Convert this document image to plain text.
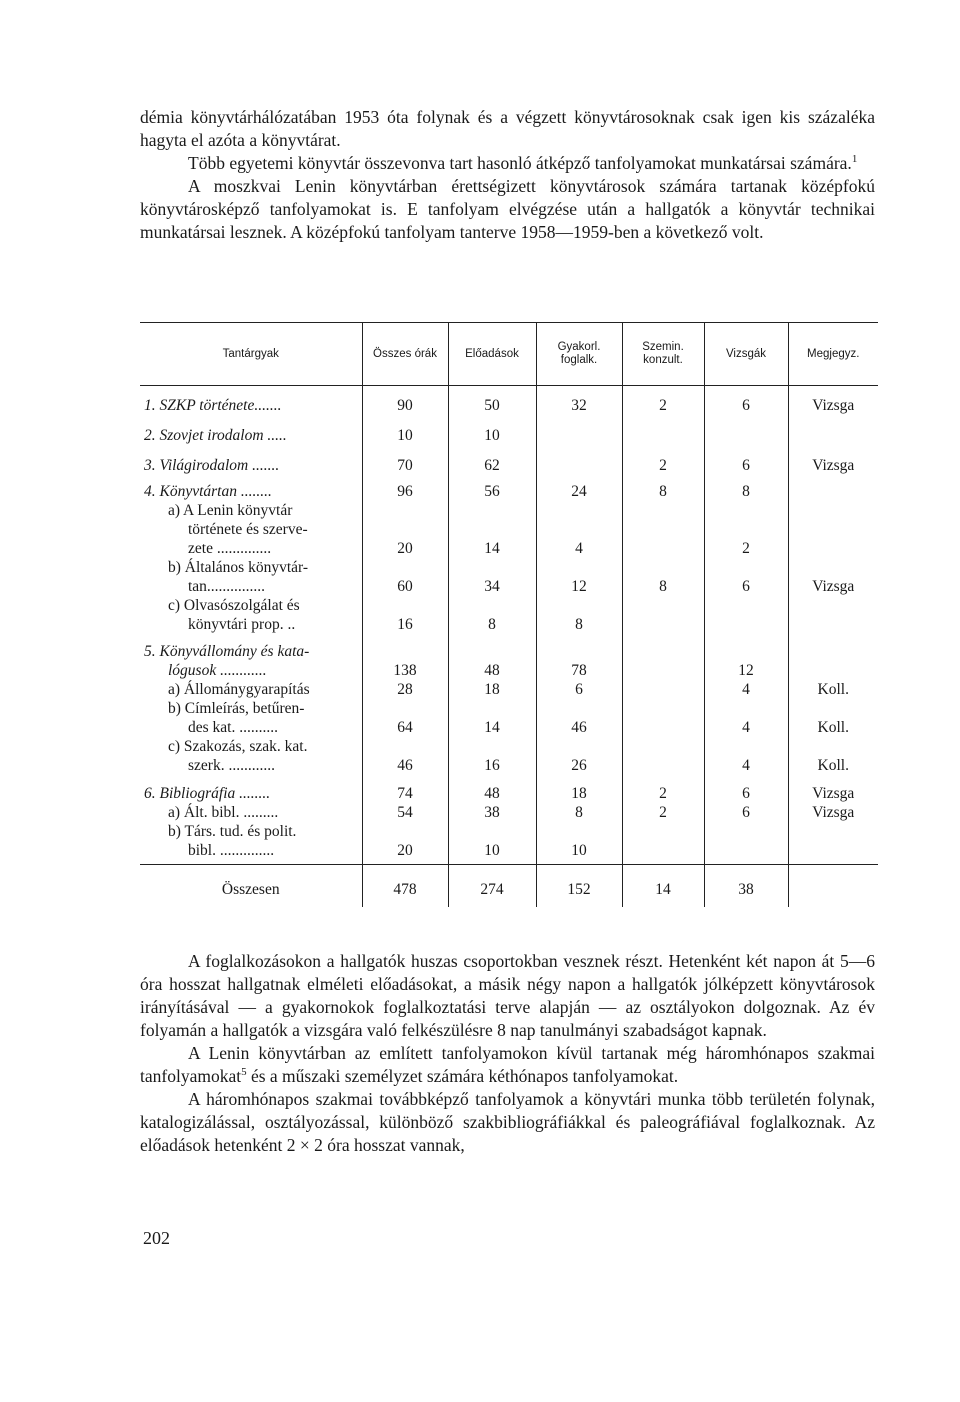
démia könyvtárhálózatában 1953 óta folynak és a végzett könyvtárosoknak csak igen kis százaléka hagyta el azóta a könyvtárat.
Több egyetemi könyvtár összevonva tart hasonló átképző tanfolyamokat munkatársai számára.$^1$
A moszkvai Lenin könyvtárban érettségizett könyvtárosok számára tartanak középfokú könyvtárosképző tanfolyamokat is. E tanfolyam elvégzése után a hallgatók a könyvtár technikai munkatársai lesznek. A középfokú tanfolyam tanterve 1958—1959-ben a következő volt.

Tantárgyak	Összes órák	Előadások	Gyakorl. foglalk.	Szemin. konzult.	Vizsgák	Megjegyz.
1. SZKP története.......	90	50	32	2	6	Vizsga
2. Szovjet irodalom .....	10	10				
3. Világirodalom .......	70	62		2	6	Vizsga
4. Könyvtártan ........	96	56	24	8	8	

a) A Lenin könyvtár
története és szerve-
zete ..............	20	14	4		2	

b) Általános könyvtár-
tan...............	60	34	12	8	6	Vizsga

c) Olvasószolgálat és
könyvtári prop. ..	16	8	8			

5. Könyvállomány és kata-
lógusok ............	138	48	78		12	

a) Állománygyarapítás	28	18	6		4	Koll.

b) Címleírás, betűren-
des kat. ..........	64	14	46		4	Koll.

c) Szakozás, szak. kat.
szerk. ............	46	16	26		4	Koll.
6. Bibliográfia ........	74	48	18	2	6	Vizsga

a) Ált. bibl. .........	54	38	8	2	6	Vizsga

b) Társ. tud. és polit.
bibl. ..............	20	10	10			
Összesen	478	274	152	14	38	

A foglalkozásokon a hallgatók huszas csoportokban vesznek részt. Hetenként két napon át 5—6 óra hosszat hallgatnak elméleti előadásokat, a másik négy napon a hallgatók jólképzett könyvtárosok irányításával — a gyakornokok foglalkoztatási terve alapján — az osztályokon dolgoznak. Az év folyamán a hallgatók a vizsgára való felkészülésre 8 nap tanulmányi szabadságot kapnak.
A Lenin könyvtárban az említett tanfolyamokon kívül tartanak még háromhónapos szakmai tanfolyamokat$^5$ és a műszaki személyzet számára kéthónapos tanfolyamokat.
A háromhónapos szakmai továbbképző tanfolyamok a könyvtári munka több területén folynak, katalogizálással, osztályozással, különböző szakbibliográfiákkal és paleográfiával foglalkoznak. Az előadások hetenként 2 × 2 óra hosszat vannak,

202
